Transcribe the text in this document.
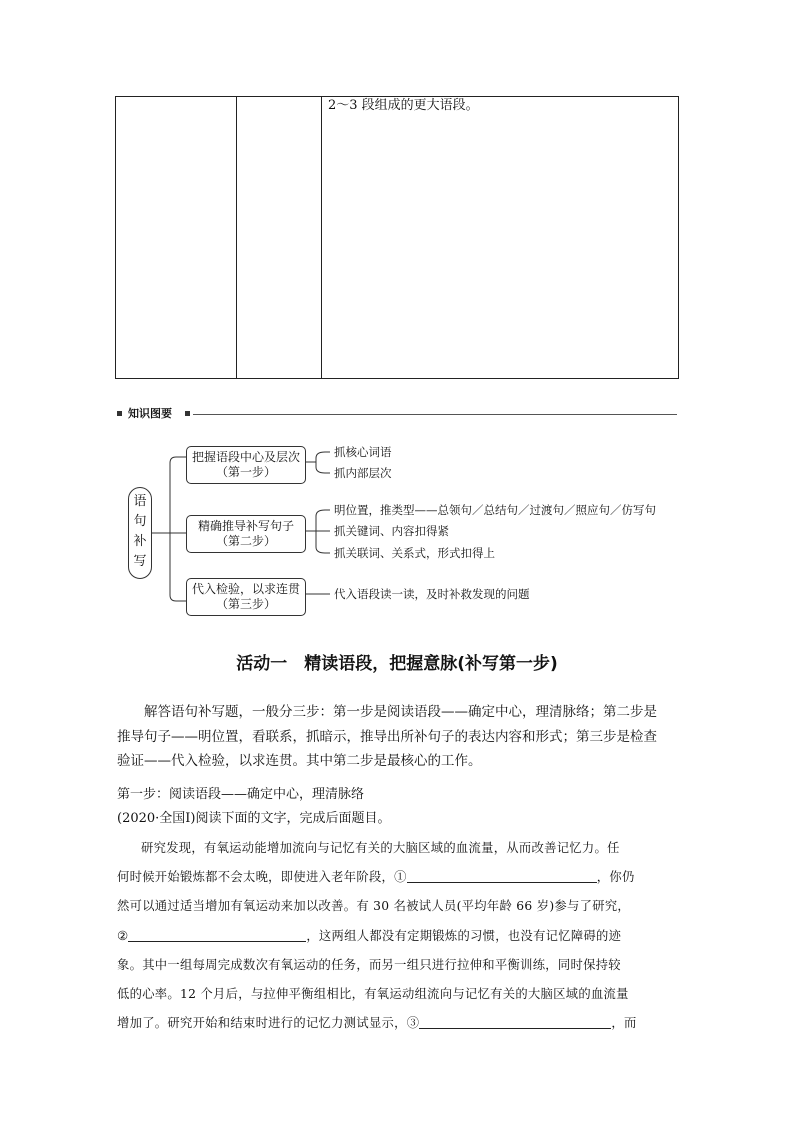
2～3 段组成的更大语段。
知识图要
语
句
补
写
把握语段中心及层次
（第一步）
精确推导补写句子
（第二步）
代入检验，以求连贯
（第三步）
抓核心词语
抓内部层次
明位置，推类型——总领句／总结句／过渡句／照应句／仿写句
抓关键词、内容扣得紧
抓关联词、关系式，形式扣得上
代入语段读一读，及时补救发现的问题
活动一　精读语段，把握意脉(补写第一步)

解答语句补写题，一般分三步：第一步是阅读语段——确定中心，理清脉络；第二步是

推导句子——明位置，看联系，抓暗示，推导出所补句子的表达内容和形式；第三步是检查

验证——代入检验，以求连贯。其中第二步是最核心的工作。

第一步：阅读语段——确定中心，理清脉络
(2020·全国Ⅰ)阅读下面的文字，完成后面题目。

研究发现，有氧运动能增加流向与记忆有关的大脑区域的血流量，从而改善记忆力。任

何时候开始锻炼都不会太晚，即使进入老年阶段，①	，你仍
然可以通过适当增加有氧运动来加以改善。有 30 名被试人员(平均年龄 66 岁)参与了研究，
②	，这两组人都没有定期锻炼的习惯，也没有记忆障碍的迹
象。其中一组每周完成数次有氧运动的任务，而另一组只进行拉伸和平衡训练，同时保持较
低的心率。12 个月后，与拉伸平衡组相比，有氧运动组流向与记忆有关的大脑区域的血流量
增加了。研究开始和结束时进行的记忆力测试显示，③	，而
